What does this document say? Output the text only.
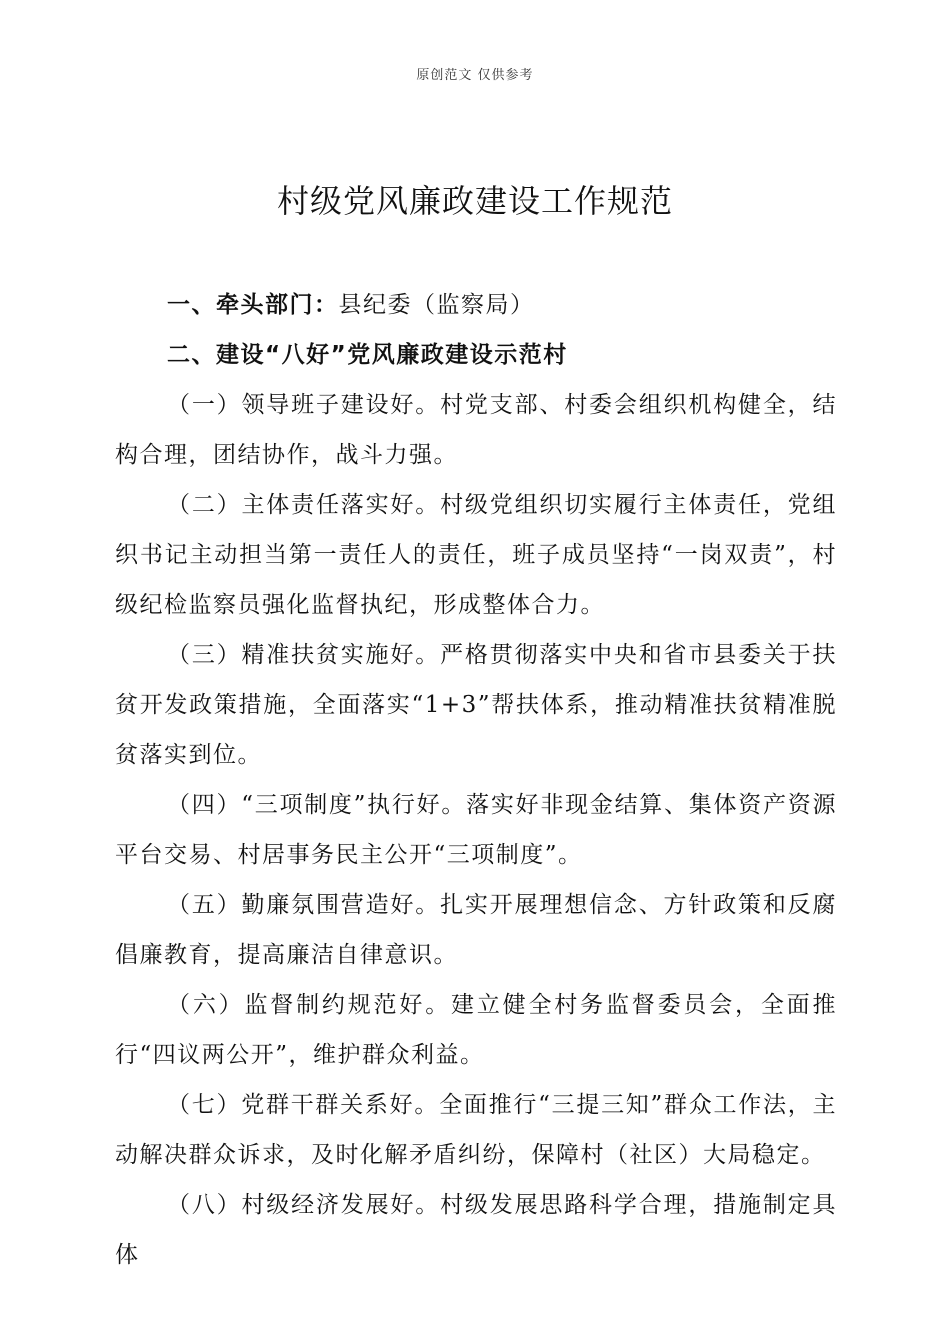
原创范文 仅供参考
村级党风廉政建设工作规范

一、牵头部门：县纪委（监察局）

二、建设“八好”党风廉政建设示范村

（一）领导班子建设好。村党支部、村委会组织机构健全，结构合理，团结协作，战斗力强。

（二）主体责任落实好。村级党组织切实履行主体责任，党组织书记主动担当第一责任人的责任，班子成员坚持“一岗双责”，村级纪检监察员强化监督执纪，形成整体合力。

（三）精准扶贫实施好。严格贯彻落实中央和省市县委关于扶贫开发政策措施，全面落实“1+3”帮扶体系，推动精准扶贫精准脱贫落实到位。

（四）“三项制度”执行好。落实好非现金结算、集体资产资源平台交易、村居事务民主公开“三项制度”。

（五）勤廉氛围营造好。扎实开展理想信念、方针政策和反腐倡廉教育，提高廉洁自律意识。

（六）监督制约规范好。建立健全村务监督委员会，全面推行“四议两公开”，维护群众利益。

（七）党群干群关系好。全面推行“三提三知”群众工作法，主动解决群众诉求，及时化解矛盾纠纷，保障村（社区）大局稳定。

（八）村级经济发展好。村级发展思路科学合理，措施制定具体
